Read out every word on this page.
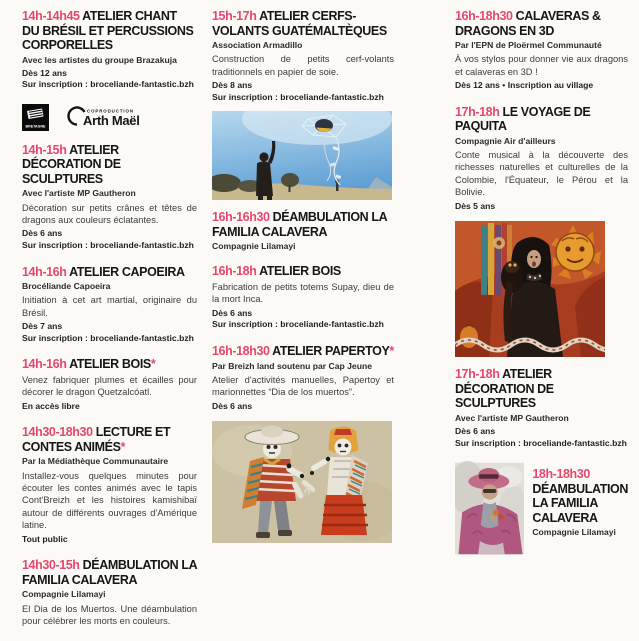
14h-14h45 ATELIER CHANT DU BRÉSIL ET PERCUSSIONS CORPORELLES
Avec les artistes du groupe Brazakuja
Dès 12 ans
Sur inscription : broceliande-fantastic.bzh
BRETAGNE
COPRODUCTION
Arth Maël
14h-15h ATELIER DÉCORATION DE SCULPTURES
Avec l'artiste MP Gautheron
Décoration sur petits crânes et têtes de dragons aux couleurs éclatantes.
Dès 6 ans
Sur inscription : broceliande-fantastic.bzh
14h-16h ATELIER CAPOEIRA
Brocéliande Capoeira
Initiation à cet art martial, originaire du Brésil.
Dès 7 ans
Sur inscription : broceliande-fantastic.bzh
14h-16h ATELIER BOIS*
Venez fabriquer plumes et écailles pour décorer le dragon Quetzalcóatl.
En accès libre
14h30-18h30 LECTURE ET CONTES ANIMÉS*
Par la Médiathèque Communautaire
Installez-vous quelques minutes pour écouter les contes animés avec le tapis Cont'Breizh et les histoires kamishibaï autour de différents ouvrages d'Amérique latine.
Tout public
14h30-15h DÉAMBULATION LA FAMILIA CALAVERA
Compagnie Lilamayi
El Dia de los Muertos. Une déambulation pour célébrer les morts en couleurs.
15h-17h ATELIER CERFS-VOLANTS GUATÉMALTÈQUES
Association Armadillo
Construction de petits cerf-volants traditionnels en papier de soie.
Dès 8 ans
Sur inscription : broceliande-fantastic.bzh
16h-16h30 DÉAMBULATION LA FAMILIA CALAVERA
Compagnie Lilamayi
16h-18h ATELIER BOIS
Fabrication de petits totems Supay, dieu de la mort Inca.
Dès 6 ans
Sur inscription : broceliande-fantastic.bzh
16h-18h30 ATELIER PAPERTOY*
Par Breizh land soutenu par Cap Jeune
Atelier d'activités manuelles, Papertoy et marionnettes “Dia de los muertos”.
Dès 6 ans
16h-18h30 CALAVERAS & DRAGONS EN 3D
Par l'EPN de Ploërmel Communauté
À vos stylos pour donner vie aux dragons et calaveras en 3D !
Dès 12 ans • Inscription au village
17h-18h LE VOYAGE DE PAQUITA
Compagnie Air d'ailleurs
Conte musical à la découverte des richesses naturelles et culturelles de la Colombie, l'Équateur, le Pérou et la Bolivie.
Dès 5 ans
17h-18h ATELIER DÉCORATION DE SCULPTURES
Avec l'artiste MP Gautheron
Dès 6 ans
Sur inscription : broceliande-fantastic.bzh
18h-18h30 DÉAMBULATION LA FAMILIA CALAVERA
Compagnie Lilamayi
